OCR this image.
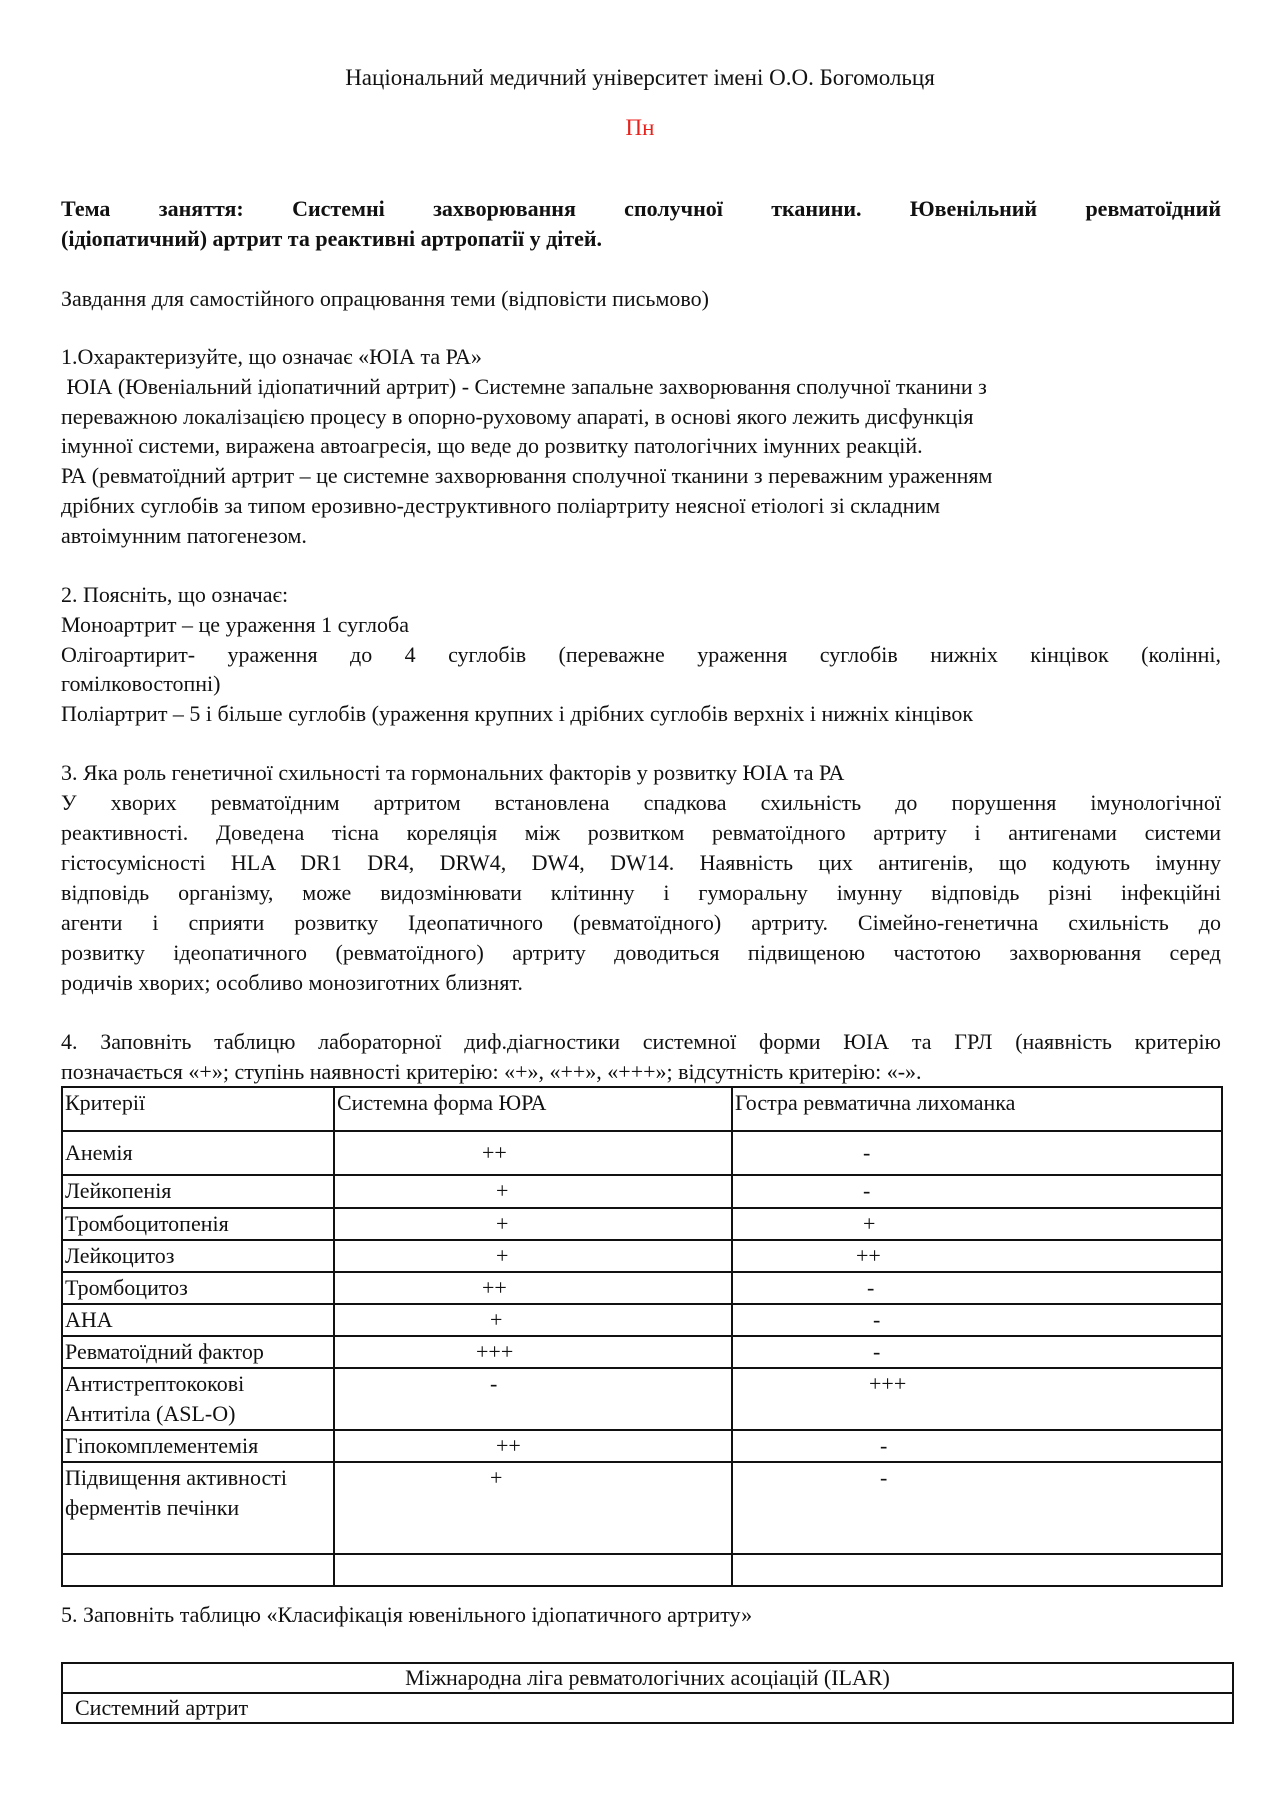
Національний медичний університет імені О.О. Богомольця
Пн
Тема заняття: Системні захворювання сполучної тканини. Ювенільний ревматоїдний
(ідіопатичний) артрит та реактивні артропатії у дітей.
Завдання для самостійного опрацювання теми (відповісти письмово)
1.Охарактеризуйте, що означає «ЮІА та РА»
ЮІА (Ювеніальний ідіопатичний артрит) - Системне запальне захворювання сполучної тканини з
переважною локалізацією процесу в опорно-руховому апараті, в основі якого лежить дисфункція
імунної системи, виражена автоагресія, що веде до розвитку патологічних імунних реакцій.
РА (ревматоїдний артрит – це системне захворювання сполучної тканини з переважним ураженням
дрібних суглобів за типом ерозивно-деструктивного поліартриту неясної етіологі зі складним
автоімунним патогенезом.
2. Поясніть, що означає:
Моноартрит – це ураження 1 суглоба
Олігоартирит- ураження до 4 суглобів (переважне ураження суглобів нижніх кінцівок (колінні,
гомілковостопні)
Поліартрит – 5 і більше суглобів (ураження крупних і дрібних суглобів верхніх і нижніх кінцівок
3. Яка роль генетичної схильності та гормональних факторів у розвитку ЮІА та РА
У хворих ревматоїдним артритом встановлена спадкова схильність до порушення імунологічної
реактивності. Доведена тісна кореляція між розвитком ревматоїдного артриту і антигенами системи
гістосумісності HLA DR1 DR4, DRW4, DW4, DW14. Наявність цих антигенів, що кодують імунну
відповідь організму, може видозмінювати клітинну і гуморальну імунну відповідь різні інфекційні
агенти і сприяти розвитку Ідеопатичного (ревматоїдного) артриту. Сімейно-генетична схильність до
розвитку ідеопатичного (ревматоїдного) артриту доводиться підвищеною частотою захворювання серед
родичів хворих; особливо монозиготних близнят.
4. Заповніть таблицю лабораторної диф.діагностики системної форми ЮІА та ГРЛ (наявність критерію
позначається «+»; ступінь наявності критерію: «+», «++», «+++»; відсутність критерію: «-».
Критерії	Системна форма ЮРА	Гостра ревматична лихоманка
Анемія	++	-
Лейкопенія	+	-
Тромбоцитопенія	+	+
Лейкоцитоз	+	++
Тромбоцитоз	++	-
АНА	+	-
Ревматоїдний фактор	+++	-
Антистрептококові Антитіла (ASL-O)	-	+++
Гіпокомплементемія	++	-
Підвищення активності ферментів печінки	+	-

5. Заповніть таблицю «Класифікація ювенільного ідіопатичного артриту»
Міжнародна ліга ревматологічних асоціацій (ILAR)
Системний артрит
